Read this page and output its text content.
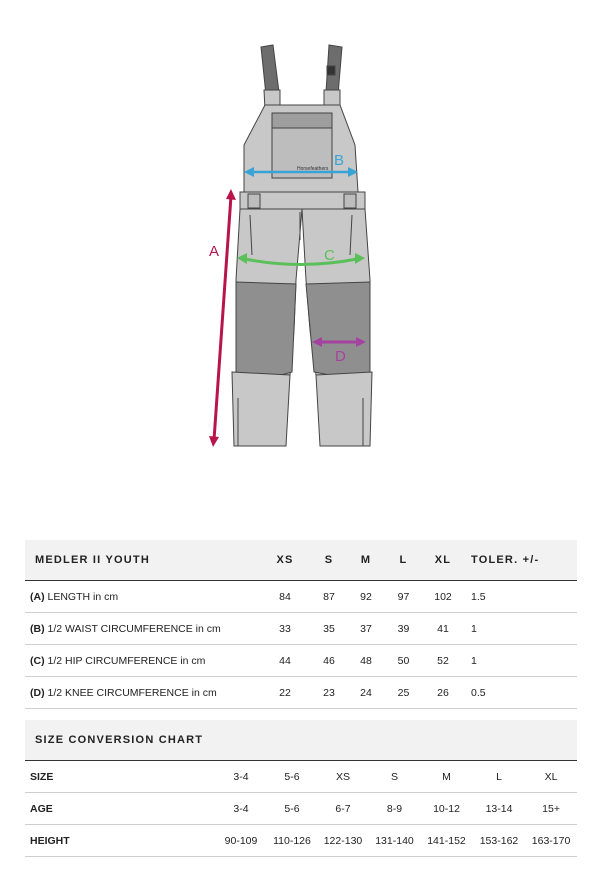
Horsefeathers
A
B
C
D
MEDLER II YOUTH	XS	S	M	L	XL	TOLER. +/-
(A) LENGTH in cm	84	87	92	97	102	1.5
(B) 1/2 WAIST CIRCUMFERENCE in cm	33	35	37	39	41	1
(C) 1/2 HIP CIRCUMFERENCE in cm	44	46	48	50	52	1
(D) 1/2 KNEE CIRCUMFERENCE in cm	22	23	24	25	26	0.5
SIZE CONVERSION CHART							
SIZE	3-4	5-6	XS	S	M	L	XL
AGE	3-4	5-6	6-7	8-9	10-12	13-14	15+
HEIGHT	90-109	110-126	122-130	131-140	141-152	153-162	163-170
